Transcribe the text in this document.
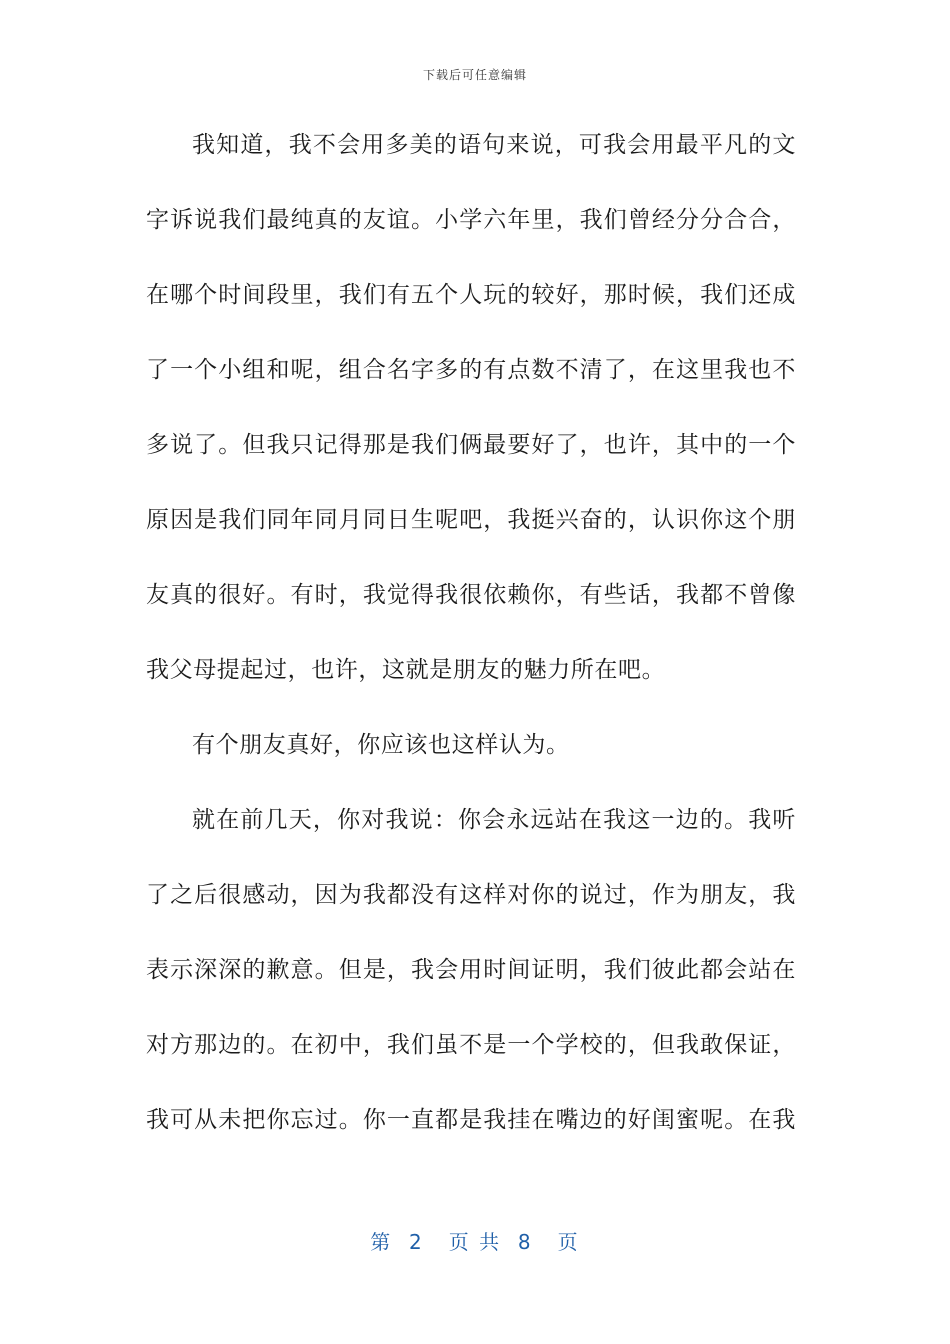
下载后可任意编辑
我知道，我不会用多美的语句来说，可我会用最平凡的文
字诉说我们最纯真的友谊。小学六年里，我们曾经分分合合，
在哪个时间段里，我们有五个人玩的较好，那时候，我们还成
了一个小组和呢，组合名字多的有点数不清了，在这里我也不
多说了。但我只记得那是我们俩最要好了，也许，其中的一个
原因是我们同年同月同日生呢吧，我挺兴奋的，认识你这个朋
友真的很好。有时，我觉得我很依赖你，有些话，我都不曾像
我父母提起过，也许，这就是朋友的魅力所在吧。
有个朋友真好，你应该也这样认为。
就在前几天，你对我说：你会永远站在我这一边的。我听
了之后很感动，因为我都没有这样对你的说过，作为朋友，我
表示深深的歉意。但是，我会用时间证明，我们彼此都会站在
对方那边的。在初中，我们虽不是一个学校的，但我敢保证，
我可从未把你忘过。你一直都是我挂在嘴边的好闺蜜呢。在我
第  2   页 共  8   页
